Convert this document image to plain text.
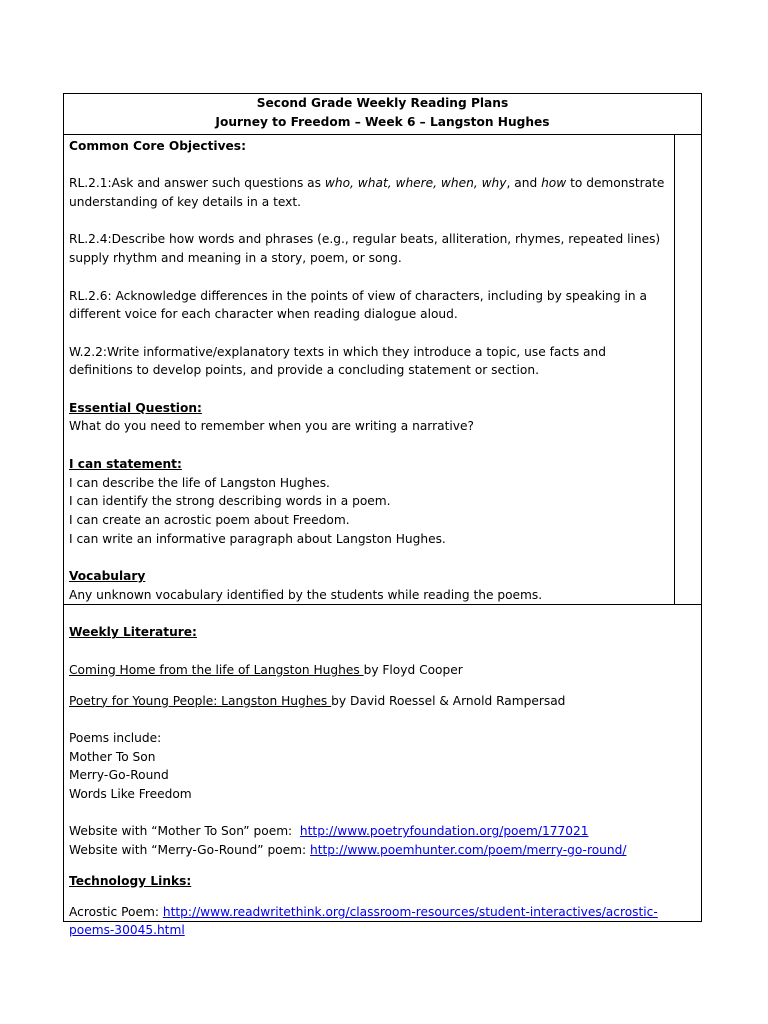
Second Grade Weekly Reading Plans
Journey to Freedom – Week 6 – Langston Hughes

Common Core Objectives:

RL.2.1:Ask and answer such questions as who, what, where, when, why, and how to demonstrate

understanding of key details in a text.

RL.2.4:Describe how words and phrases (e.g., regular beats, alliteration, rhymes, repeated lines)

supply rhythm and meaning in a story, poem, or song.

RL.2.6: Acknowledge differences in the points of view of characters, including by speaking in a

different voice for each character when reading dialogue aloud.

W.2.2:Write informative/explanatory texts in which they introduce a topic, use facts and

definitions to develop points, and provide a concluding statement or section.

Essential Question:

What do you need to remember when you are writing a narrative?

I can statement:

I can describe the life of Langston Hughes.

I can identify the strong describing words in a poem.

I can create an acrostic poem about Freedom.

I can write an informative paragraph about Langston Hughes.

Vocabulary

Any unknown vocabulary identified by the students while reading the poems.

Weekly Literature:

Coming Home from the life of Langston Hughes by Floyd Cooper

Poetry for Young People: Langston Hughes by David Roessel & Arnold Rampersad

Poems include:

Mother To Son

Merry-Go-Round

Words Like Freedom

Website with “Mother To Son” poem:  http://www.poetryfoundation.org/poem/177021

Website with “Merry-Go-Round” poem: http://www.poemhunter.com/poem/merry-go-round/

Technology Links:

Acrostic Poem: http://www.readwritethink.org/classroom-resources/student-interactives/acrostic-

poems-30045.html
